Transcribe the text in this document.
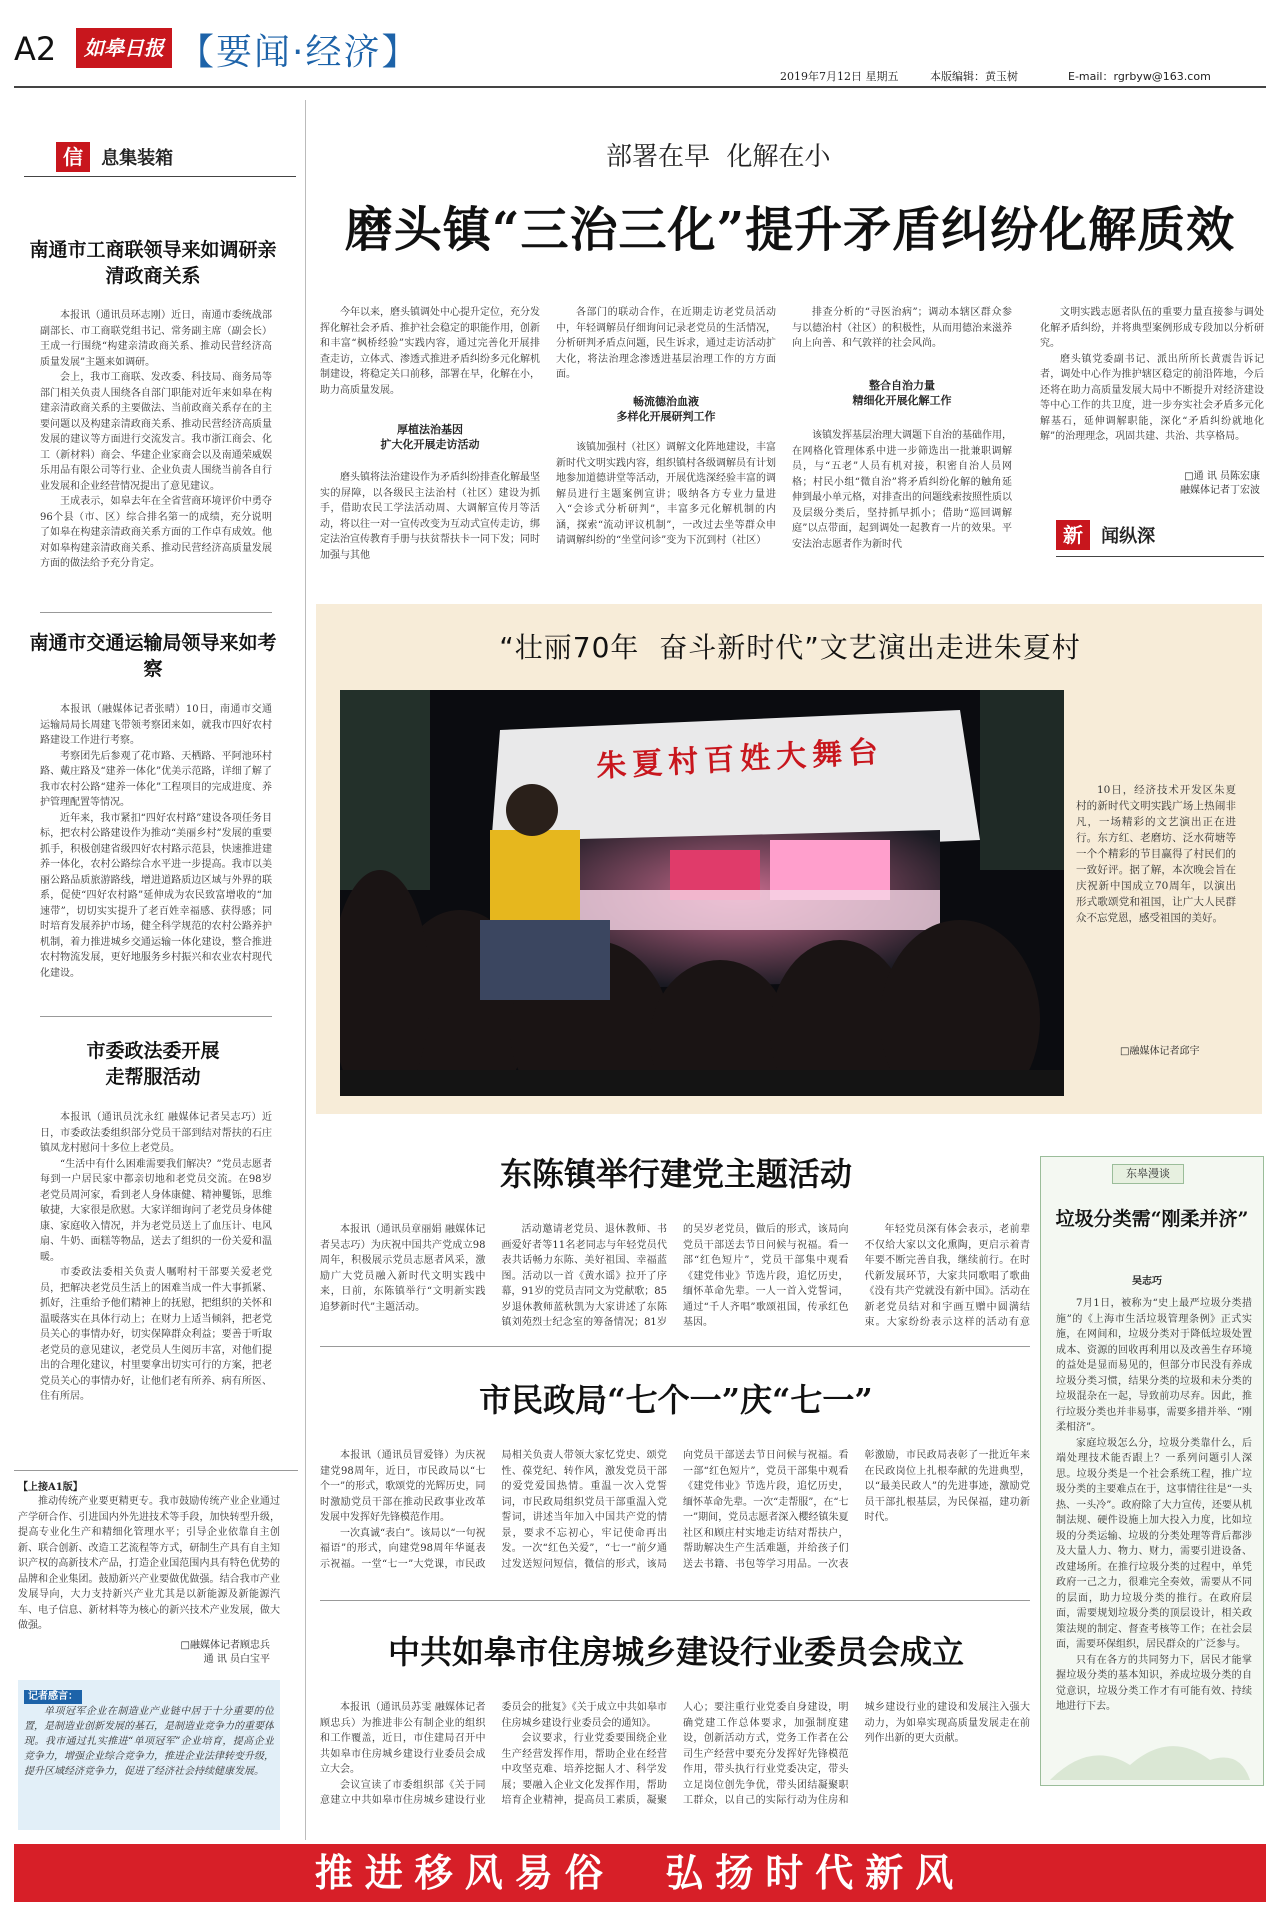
A2	如皋日报 【要闻·经济】
2019年7月12日 星期五	本版编辑：黄玉树	E-mail：rgrbyw@163.com
信 息集装箱
南通市工商联领导来如调研亲清政商关系

本报讯（通讯员环志刚）近日，南通市委统战部副部长、市工商联党组书记、常务副主席（副会长）王成一行围绕“构建亲清政商关系、推动民营经济高质量发展”主题来如调研。

会上，我市工商联、发改委、科技局、商务局等部门相关负责人围绕各自部门职能对近年来如皋在构建亲清政商关系的主要做法、当前政商关系存在的主要问题以及构建亲清政商关系、推动民营经济高质量发展的建议等方面进行交流发言。我市浙江商会、化工（新材料）商会、华建企业家商会以及南通荣威娱乐用品有限公司等行业、企业负责人围绕当前各自行业发展和企业经营情况提出了意见建议。

王成表示，如皋去年在全省营商环境评价中勇夺96个县（市、区）综合排名第一的成绩，充分说明了如皋在构建亲清政商关系方面的工作卓有成效。他对如皋构建亲清政商关系、推动民营经济高质量发展方面的做法给予充分肯定。

南通市交通运输局领导来如考察

本报讯（融媒体记者张晴）10日，南通市交通运输局局长周建飞带领考察团来如，就我市四好农村路建设工作进行考察。

考察团先后参观了花市路、天栖路、平阿池环村路、戴庄路及“建养一体化”优美示范路，详细了解了我市农村公路“建养一体化”工程项目的完成进度、养护管理配置等情况。

近年来，我市紧扣“四好农村路”建设各项任务目标，把农村公路建设作为推动“美丽乡村”发展的重要抓手，积极创建省级四好农村路示范县，快速推进建养一体化，农村公路综合水平进一步提高。我市以美丽公路品质旅游路线，增进道路质边区域与外界的联系，促使“四好农村路”延伸成为农民致富增收的“加速带”，切切实实提升了老百姓幸福感、获得感；同时培育发展养护市场，健全科学规范的农村公路养护机制，着力推进城乡交通运输一体化建设，整合推进农村物流发展，更好地服务乡村振兴和农业农村现代化建设。

市委政法委开展走帮服活动

本报讯（通讯员沈永红 融媒体记者吴志巧）近日，市委政法委组织部分党员干部到结对帮扶的石庄镇凤龙村慰问十多位上老党员。

“生活中有什么困难需要我们解决？”党员志愿者每到一户居民家中都亲切地和老党员交流。在98岁老党员周河家，看到老人身体康健、精神矍铄，思维敏捷，大家很是欣慰。大家详细询问了老党员身体健康、家庭收入情况，并为老党员送上了血压计、电风扇、牛奶、面糕等物品，送去了组织的一份关爱和温暖。

市委政法委相关负责人嘱咐村干部要关爱老党员，把解决老党员生活上的困难当成一件大事抓紧、抓好，注重给予他们精神上的抚慰，把组织的关怀和温暖落实在具体行动上；在财力上适当倾斜，把老党员关心的事情办好，切实保障群众利益；要善于听取老党员的意见建议，老党员人生阅历丰富，对他们提出的合理化建议，村里要拿出切实可行的方案，把老党员关心的事情办好，让他们老有所养、病有所医、住有所居。

【上接A1版】

推动传统产业要更精更专。我市鼓励传统产业企业通过产学研合作、引进国内外先进技术等手段，加快转型升级，提高专业化生产和精细化管理水平；引导企业依靠自主创新、联合创新、改造工艺流程等方式，研制生产具有自主知识产权的高新技术产品，打造企业国范围内具有特色优势的品牌和企业集团。鼓励新兴产业要做优做强。结合我市产业发展导向，大力支持新兴产业尤其是以新能源及新能源汽车、电子信息、新材料等为核心的新兴技术产业发展，做大做强。

□融媒体记者顾忠兵
通 讯 员白宝平
记者感言：
单项冠军企业在制造业产业链中居于十分重要的位置，是制造业创新发展的基石，是制造业竞争力的重要体现。我市通过扎实推进“单项冠军”企业培育，提高企业竞争力，增强企业综合竞争力，推进企业法律转变升级，提升区域经济竞争力，促进了经济社会持续健康发展。
部署在早  化解在小
磨头镇“三治三化”提升矛盾纠纷化解质效

今年以来，磨头镇调处中心提升定位，充分发挥化解社会矛盾、推护社会稳定的职能作用，创新和丰富“枫桥经验”实践内容，通过完善化开展排查走访，立体式、渗透式推进矛盾纠纷多元化解机制建设，将稳定关口前移，部署在早，化解在小，助力高质量发展。

厚植法治基因
扩大化开展走访活动

磨头镇将法治建设作为矛盾纠纷排查化解最坚实的屏障，以各级民主法治村（社区）建设为抓手，借助农民工学法活动周、大调解宣传月等活动，将以往一对一宣传改变为互动式宣传走访，绑定法治宣传教育手册与扶贫帮扶卡一同下发；同时加强与其他

各部门的联动合作，在近期走访老党员活动中，年轻调解员仔细询问记录老党员的生活情况，分析研判矛盾点问题，民生诉求，通过走访活动扩大化，将法治理念渗透进基层治理工作的方方面面。

畅流德治血液
多样化开展研判工作

该镇加强村（社区）调解文化阵地建设，丰富新时代文明实践内容，组织镇村各级调解员有计划地参加道德讲堂等活动，开展优选深经验丰富的调解员进行主题案例宣讲；吸纳各方专业力量进入“会诊式分析研判”，丰富多元化解机制的内涵，探索“流动评议机制”，一改过去坐等群众申请调解纠纷的“坐堂问诊”变为下沉到村（社区）

排查分析的“寻医治病”；调动本辖区群众参与以德治村（社区）的积极性，从而用德治来滋养向上向善、和气敦祥的社会风尚。

整合自治力量
精细化开展化解工作

该镇发挥基层治理大调题下自治的基础作用，在网格化管理体系中进一步筛选出一批兼职调解员，与“五老”人员有机对接，积密自治人员网格；村民小组“微自治”将矛盾纠纷化解的触角延伸到最小单元格，对排查出的问题线索按照性质以及层级分类后，坚持抓早抓小；借助“巡回调解庭”以点带面，起到调处一起教育一片的效果。平安法治志愿者作为新时代

文明实践志愿者队伍的重要力量直接参与调处化解矛盾纠纷，并将典型案例形成专段加以分析研究。

磨头镇党委副书记、派出所所长黄震告诉记者，调处中心作为推护辖区稳定的前沿阵地，今后还将在助力高质量发展大局中不断提升对经济建设等中心工作的共卫度，进一步夯实社会矛盾多元化解基石，延伸调解职能，深化“矛盾纠纷就地化解”的治理理念，巩固共建、共治、共享格局。

□通 讯 员陈宏康
融媒体记者丁宏波
新 闻纵深
“壮丽70年  奋斗新时代”文艺演出走进朱夏村
朱夏村百姓大舞台

10日，经济技术开发区朱夏村的新时代文明实践广场上热闹非凡，一场精彩的文艺演出正在进行。东方红、老磨坊、泛水荷塘等一个个精彩的节目赢得了村民们的一致好评。据了解，本次晚会旨在庆祝新中国成立70周年，以演出形式歌颂党和祖国，让广大人民群众不忘党恩，感受祖国的美好。

□融媒体记者邱宇
东陈镇举行建党主题活动

本报讯（通讯员章丽娟 融媒体记者吴志巧）为庆祝中国共产党成立98周年，积极展示党员志愿者风采，激励广大党员融入新时代文明实践中来，日前，东陈镇举行“文明新实践 追梦新时代”主题活动。

活动邀请老党员、退休教师、书画爱好者等11名老同志与年轻党员代表共话畅力东陈、美好祖国、幸福蓝图。活动以一首《黄水谣》拉开了序幕，91岁的党员吉同文为党献歌；85岁退休教师蓝秋凯为大家讲述了东陈镇刘苑烈士纪念室的筹备情况；81岁的吴岁老党员，做后的形式，该局向党员干部送去节日问候与祝福。看一部“红色短片”，党员干部集中观看《建党伟业》节选片段，追忆历史，缅怀革命先辈。一人一首入党誓词，通过“千人齐唱”歌颂祖国，传承红色基因。

年轻党员深有体会表示，老前辈不仅给大家以文化熏陶，更启示着青年要不断完善自我，继续前行。在时代新发展环节，大家共同歌唱了歌曲《没有共产党就没有新中国》。活动在新老党员结对和宇画互赠中圆满结束。大家纷纷表示这样的活动有意

市民政局“七个一”庆“七一”

本报讯（通讯员冒爱锋）为庆祝建党98周年，近日，市民政局以“七个一”的形式，歌颂党的光辉历史，同时激励党员干部在推动民政事业改革发展中发挥好先锋模范作用。

一次真诚“表白”。该局以“一句祝福语”的形式，向建党98周年华诞表示祝福。一堂“七一”大党课，市民政局相关负责人带领大家忆党史、颂党性、葆党纪、转作风，激发党员干部的爱党爱国热情。重温一次入党誓词，市民政局组织党员干部重温入党誓词，讲述当年加入中国共产党的情景，要求不忘初心，牢记使命再出发。一次“红色关爱”，“七一”前夕通过发送短问短信，微信的形式，该局向党员干部送去节日问候与祝福。看一部“红色短片”，党员干部集中观看《建党伟业》节选片段，追忆历史，缅怀革命先辈。一次“走帮服”，在“七一”期间，党员志愿者深入櫻经镇朱夏社区和顾庄村实地走访结对帮扶户，帮助解决生产生活难题，并给孩子们送去书籍、书包等学习用品。一次表彰激励，市民政局表彰了一批近年来在民政岗位上扎根奉献的先进典型，以“最美民政人”的先进事迹，激励党员干部扎根基层，为民保福，建功新时代。

中共如皋市住房城乡建设行业委员会成立

本报讯（通讯员苏雯 融媒体记者顾忠兵）为推进非公有制企业的组织和工作覆盖，近日，市住建局召开中共如皋市住房城乡建设行业委员会成立大会。

会议宣读了市委组织部《关于同意建立中共如皋市住房城乡建设行业委员会的批复》《关于成立中共如皋市住房城乡建设行业委员会的通知》。

会议要求，行业党委要围绕企业生产经营发挥作用，帮助企业在经营中攻坚克难、培养挖掘人才、科学发展；要融入企业文化发挥作用，帮助培育企业精神，提高员工素质，凝聚人心；要注重行业党委自身建设，明确党建工作总体要求，加强制度建设，创新活动方式，党务工作者在公司生产经营中要充分发挥好先锋模范作用，带头执行行业党委决定，带头立足岗位创先争优，带头团结凝聚职工群众，以自己的实际行动为住房和城乡建设行业的建设和发展注入强大动力，为如皋实现高质量发展走在前列作出新的更大贡献。

东皋漫谈
垃圾分类需“刚柔并济”
吴志巧

7月1日，被称为“史上最严垃圾分类措施”的《上海市生活垃圾管理条例》正式实施，在网间和，垃圾分类对于降低垃圾处置成本、资源的回收再利用以及改善生存环境的益处是显而易见的，但部分市民没有养成垃圾分类习惯，结果分类的垃圾和未分类的垃圾混杂在一起，导致前功尽弃。因此，推行垃圾分类也并非易事，需要多措并举、“刚柔相济”。

家庭垃圾怎么分，垃圾分类靠什么，后端处理技术能否跟上？一系列问题引人深思。垃圾分类是一个社会系统工程，推广垃圾分类的主要难点在于，这事情往往是“一头热、一头冷”。政府除了大力宣传，还要从机制法规、硬件设施上加大投入力度，比如垃圾的分类运输、垃圾的分类处理等背后都涉及大量人力、物力、财力，需要引进设备、改建场所。在推行垃圾分类的过程中，单凭政府一己之力，很难完全奏效，需要从不同的层面，助力垃圾分类的推行。在政府层面，需要规划垃圾分类的顶层设计，相关政策法规的制定、督查考核等工作；在社会层面，需要环保组织，居民群众的广泛参与。

只有在各方的共同努力下，居民才能掌握垃圾分类的基本知识，养成垃圾分类的自觉意识，垃圾分类工作才有可能有效、持续地进行下去。

推进移风易俗  弘扬时代新风
